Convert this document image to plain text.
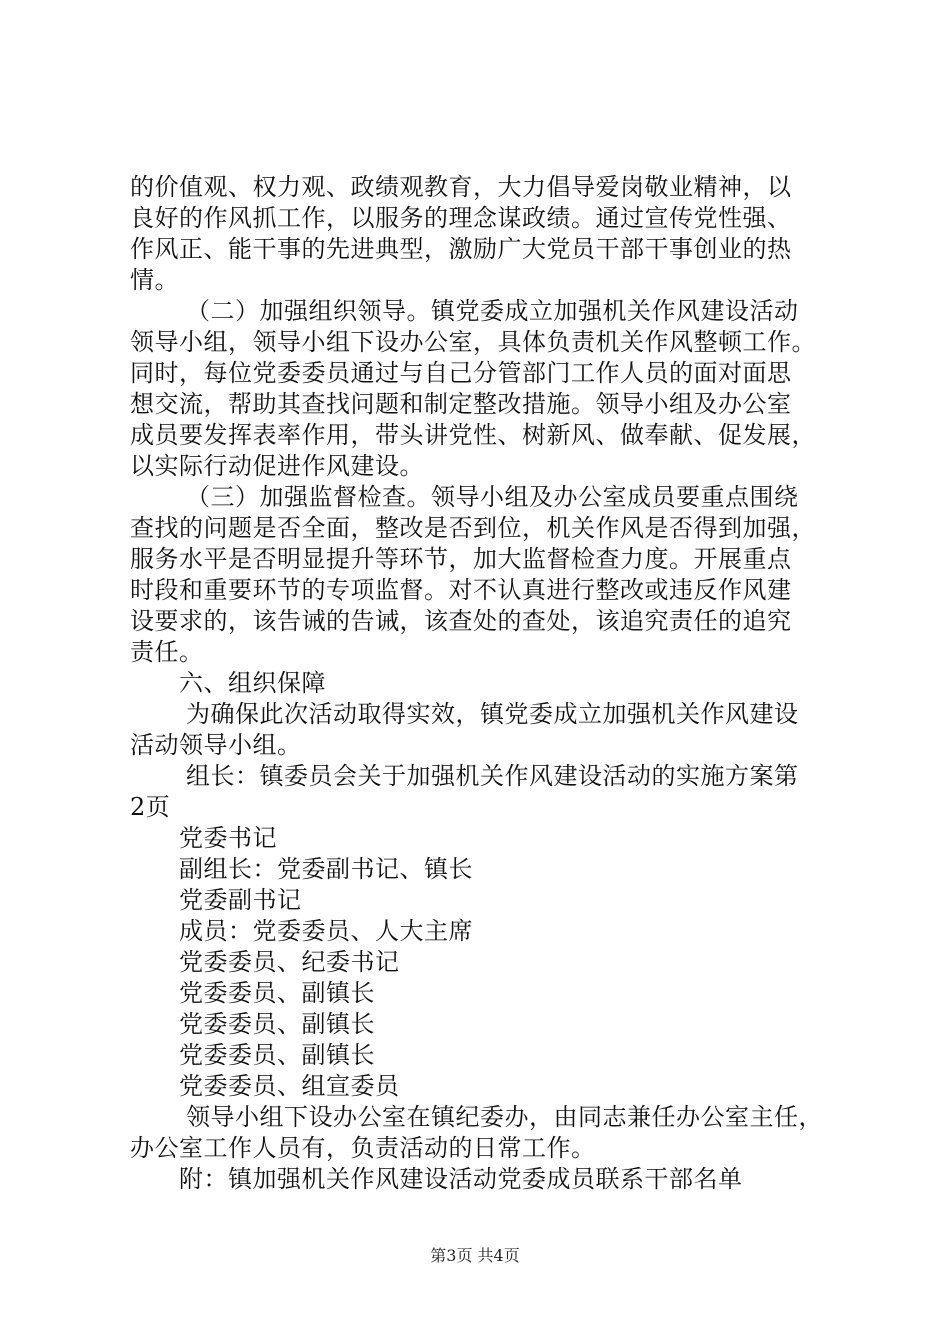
的价值观、权力观、政绩观教育，大力倡导爱岗敬业精神，以
良好的作风抓工作，以服务的理念谋政绩。通过宣传党性强、
作风正、能干事的先进典型，激励广大党员干部干事创业的热
情。
（二）加强组织领导。镇党委成立加强机关作风建设活动
领导小组，领导小组下设办公室，具体负责机关作风整顿工作。
同时，每位党委委员通过与自己分管部门工作人员的面对面思
想交流，帮助其查找问题和制定整改措施。领导小组及办公室
成员要发挥表率作用，带头讲党性、树新风、做奉献、促发展，
以实际行动促进作风建设。
（三）加强监督检查。领导小组及办公室成员要重点围绕
查找的问题是否全面，整改是否到位，机关作风是否得到加强，
服务水平是否明显提升等环节，加大监督检查力度。开展重点
时段和重要环节的专项监督。对不认真进行整改或违反作风建
设要求的，该告诫的告诫，该查处的查处，该追究责任的追究
责任。
六、组织保障
为确保此次活动取得实效，镇党委成立加强机关作风建设
活动领导小组。
组长：镇委员会关于加强机关作风建设活动的实施方案第
2页
党委书记
副组长：党委副书记、镇长
党委副书记
成员：党委委员、人大主席
党委委员、纪委书记
党委委员、副镇长
党委委员、副镇长
党委委员、副镇长
党委委员、组宣委员
领导小组下设办公室在镇纪委办，由同志兼任办公室主任，
办公室工作人员有，负责活动的日常工作。
附：镇加强机关作风建设活动党委成员联系干部名单
第3页 共4页
